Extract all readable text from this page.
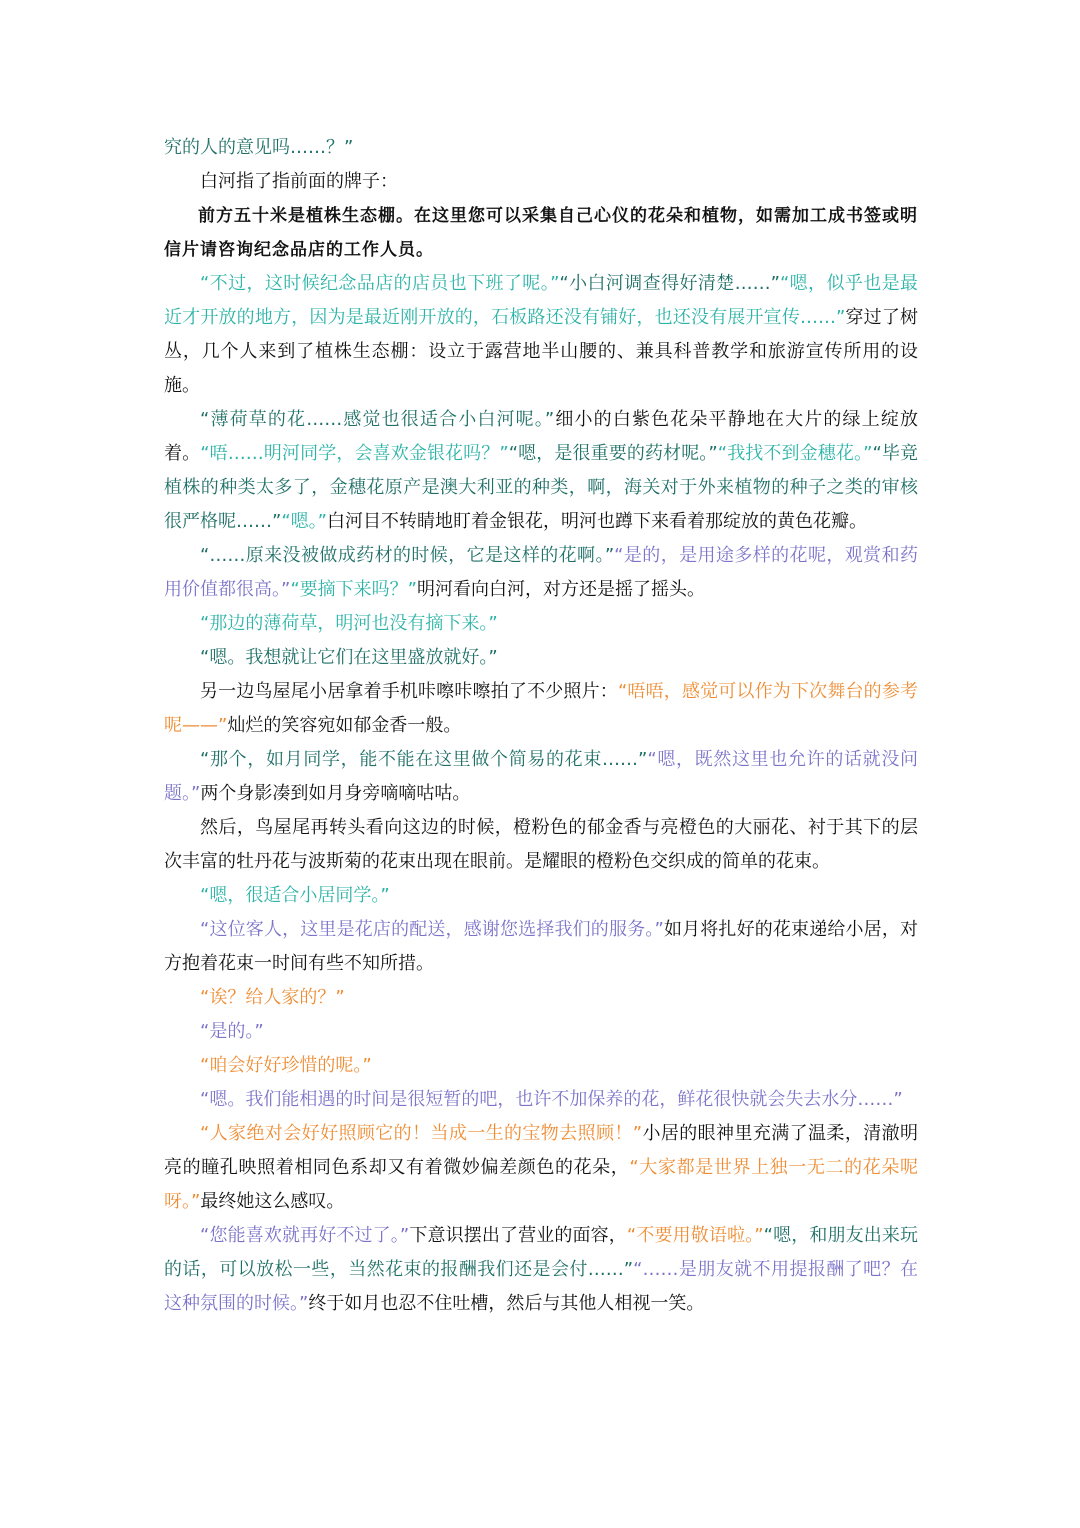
究的人的意见吗……？”

白河指了指前面的牌子：

前方五十米是植株生态棚。在这里您可以采集自己心仪的花朵和植物，如需加工成书签或明信片请咨询纪念品店的工作人员。

“不过，这时候纪念品店的店员也下班了呢。”“小白河调查得好清楚……”“嗯，似乎也是最近才开放的地方，因为是最近刚开放的，石板路还没有铺好，也还没有展开宣传……”穿过了树丛，几个人来到了植株生态棚：设立于露营地半山腰的、兼具科普教学和旅游宣传所用的设施。

“薄荷草的花……感觉也很适合小白河呢。”细小的白紫色花朵平静地在大片的绿上绽放着。“唔……明河同学，会喜欢金银花吗？”“嗯，是很重要的药材呢。”“我找不到金穗花。”“毕竟植株的种类太多了，金穗花原产是澳大利亚的种类，啊，海关对于外来植物的种子之类的审核很严格呢……”“嗯。”白河目不转睛地盯着金银花，明河也蹲下来看着那绽放的黄色花瓣。

“……原来没被做成药材的时候，它是这样的花啊。”“是的，是用途多样的花呢，观赏和药用价值都很高。”“要摘下来吗？”明河看向白河，对方还是摇了摇头。

“那边的薄荷草，明河也没有摘下来。”

“嗯。我想就让它们在这里盛放就好。”

另一边鸟屋尾小居拿着手机咔嚓咔嚓拍了不少照片：“唔唔，感觉可以作为下次舞台的参考呢——”灿烂的笑容宛如郁金香一般。

“那个，如月同学，能不能在这里做个简易的花束……”“嗯，既然这里也允许的话就没问题。”两个身影凑到如月身旁嘀嘀咕咕。

然后，鸟屋尾再转头看向这边的时候，橙粉色的郁金香与亮橙色的大丽花、衬于其下的层次丰富的牡丹花与波斯菊的花束出现在眼前。是耀眼的橙粉色交织成的简单的花束。

“嗯，很适合小居同学。”

“这位客人，这里是花店的配送，感谢您选择我们的服务。”如月将扎好的花束递给小居，对方抱着花束一时间有些不知所措。

“诶？给人家的？”

“是的。”

“咱会好好珍惜的呢。”

“嗯。我们能相遇的时间是很短暂的吧，也许不加保养的花，鲜花很快就会失去水分……”

“人家绝对会好好照顾它的！当成一生的宝物去照顾！”小居的眼神里充满了温柔，清澈明亮的瞳孔映照着相同色系却又有着微妙偏差颜色的花朵，“大家都是世界上独一无二的花朵呢呀。”最终她这么感叹。

“您能喜欢就再好不过了。”下意识摆出了营业的面容，“不要用敬语啦。”“嗯，和朋友出来玩的话，可以放松一些，当然花束的报酬我们还是会付……”“……是朋友就不用提报酬了吧？在这种氛围的时候。”终于如月也忍不住吐槽，然后与其他人相视一笑。
